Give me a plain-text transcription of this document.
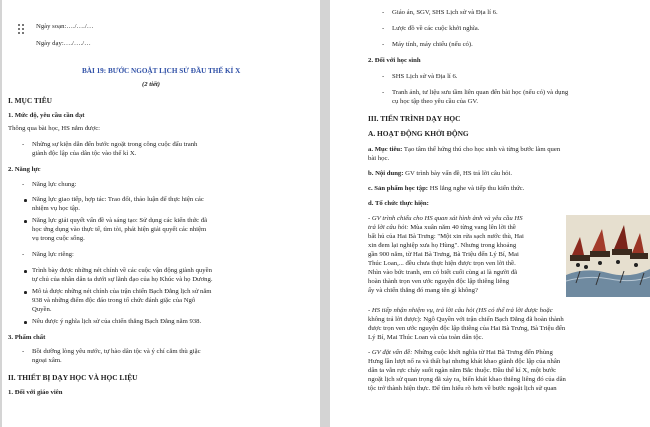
Ngày soạn:…./…./…
Ngày dạy:…./…./…
BÀI 19: BƯỚC NGOẶT LỊCH SỬ ĐẦU THẾ KỈ X
(2 tiết)
I. MỤC TIÊU
1. Mức độ, yêu cầu cần đạt
Thông qua bài học, HS nắm được:
- Những sự kiện dẫn đến bước ngoặt trong công cuộc đấu tranh
giành độc lập của dân tộc vào thế kỉ X.
2. Năng lực
- Năng lực chung:
Năng lực giao tiếp, hợp tác: Trao đổi, thảo luận để thực hiện các
nhiệm vụ học tập.
Năng lực giải quyết vấn đề và sáng tạo: Sử dụng các kiến thức đã
học ứng dụng vào thực tế, tìm tòi, phát hiện giải quyết các nhiệm
vụ trong cuộc sống.
- Năng lực riêng:
Trình bày được những nét chính về các cuộc vận động giành quyền
tự chủ của nhân dân ta dưới sự lãnh đạo của họ Khúc và họ Dương.
Mô tả được những nét chính của trận chiến Bạch Đằng lịch sử năm
938 và những điểm độc đáo trong tổ chức đánh giặc của Ngô
Quyền.
Nêu được ý nghĩa lịch sử của chiến thắng Bạch Đằng năm 938.
3. Phẩm chất
- Bồi dưỡng lòng yêu nước, tự hào dân tộc và ý chí căm thù giặc
ngoại xâm.
II. THIẾT BỊ DẠY HỌC VÀ HỌC LIỆU
1. Đối với giáo viên
- Giáo án, SGV, SHS Lịch sử và Địa lí 6.
- Lược đồ về các cuộc khởi nghĩa.
- Máy tính, máy chiếu (nếu có).
2. Đối với học sinh
- SHS Lịch sử và Địa lí 6.
- Tranh ảnh, tư liệu sưu tầm liên quan đến bài học (nếu có) và dụng
cụ học tập theo yêu cầu của GV.
III. TIẾN TRÌNH DẠY HỌC
A. HOẠT ĐỘNG KHỞI ĐỘNG
a. Mục tiêu: Tạo tâm thế hứng thú cho học sinh và từng bước làm quen
bài học.
b. Nội dung: GV trình bày vấn đề, HS trả lời câu hỏi.
c. Sản phẩm học tập: HS lắng nghe và tiếp thu kiến thức.
d. Tổ chức thực hiện:
- GV trình chiếu cho HS quan sát hình ảnh và yêu cầu HS
trả lời câu hỏi: Mùa xuân năm 40 từng vang lên lời thề
bất hủ của Hai Bà Trưng: "Một xin rửa sạch nước thù, Hai
xin đem lại nghiệp xưa họ Hùng". Nhưng trong khoảng
gần 900 năm, từ Hai Bà Trưng, Bà Triệu đến Lý Bí, Mai
Thúc Loan,... đều chưa thực hiện được trọn ven lời thề.
Nhìn vào bức tranh, em có biết cuối cùng ai là người đã
hoàn thành trọn ven ước nguyện độc lập thiêng liêng
ấy và chiến thắng đó mang tên gì không?
- HS tiếp nhận nhiệm vụ, trả lời câu hỏi (HS có thể trả lời được hoặc
không trả lời được): Ngô Quyền với trận chiến Bạch Đằng đã hoàn thành
được trọn ven ước nguyện độc lập thiêng của Hai Bà Trưng, Bà Triệu đến
Lý Bí, Mai Thúc Loan và của toàn dân tộc.
- GV đặt vấn đề: Những cuộc khởi nghĩa từ Hai Bà Trưng đến Phùng
Hưng lần lượt nổ ra và thất bại nhưng khát khao giành độc lập của nhân
dân ta vẫn rực cháy suốt ngàn năm Bắc thuộc. Đầu thế kỉ X, một bước
ngoặt lịch sử quan trọng đã xảy ra, biến khát khao thiêng liêng đó của dân
tộc trở thành hiện thực. Để tìm hiểu rõ hơn về bước ngoặt lịch sử quan
